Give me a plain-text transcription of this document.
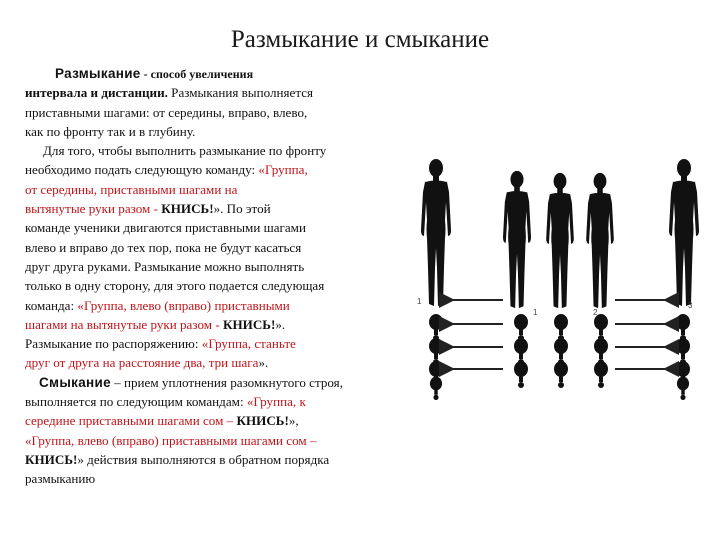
Размыкание и смыкание
Размыкание - способ увеличения
интервала и дистанции. Размыкания выполняется
приставными шагами: от середины, вправо, влево,
как по фронту так и в глубину.
Для того, чтобы выполнить размыкание по фронту
необходимо подать следующую команду: «Группа,
от середины, приставными шагами на
вытянутые руки разом - КНИСЬ!». По этой
команде ученики двигаются приставными шагами
влево и вправо до тех пор, пока не будут касаться
друг друга руками. Размыкание можно выполнять
только в одну сторону, для этого подается следующая
команда: «Группа, влево (вправо) приставными
шагами на вытянутые руки разом - КНИСЬ!».
Размыкание по распоряжению: «Группа, станьте
друг от друга на расстояние два, три шага».
Смыкание – прием уплотнения разомкнутого строя,
выполняется по следующим командам: «Группа, к
середине приставными шагами сом – КНИСЬ!»,
«Группа, влево (вправо) приставными шагами сом –
КНИСЬ!» действия выполняются в обратном порядка
размыканию
1
1	2
3
